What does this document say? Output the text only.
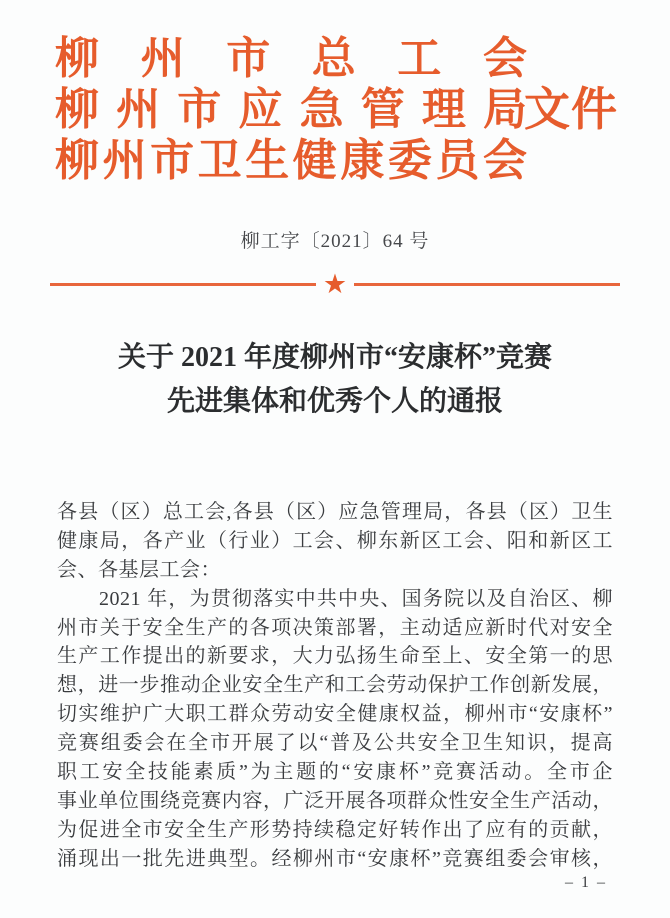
柳州市总工会
柳州市应急管理局
柳州市卫生健康委员会
文件
柳工字〔2021〕64 号
★
关于 2021 年度柳州市“安康杯”竞赛
先进集体和优秀个人的通报
各县（区）总工会,各县（区）应急管理局，各县（区）卫生
健康局，各产业（行业）工会、柳东新区工会、阳和新区工
会、各基层工会：
2021 年，为贯彻落实中共中央、国务院以及自治区、柳
州市关于安全生产的各项决策部署，主动适应新时代对安全
生产工作提出的新要求，大力弘扬生命至上、安全第一的思
想，进一步推动企业安全生产和工会劳动保护工作创新发展，
切实维护广大职工群众劳动安全健康权益，柳州市“安康杯”
竞赛组委会在全市开展了以“普及公共安全卫生知识，提高
职工安全技能素质”为主题的“安康杯”竞赛活动。全市企
事业单位围绕竞赛内容，广泛开展各项群众性安全生产活动，
为促进全市安全生产形势持续稳定好转作出了应有的贡献，
涌现出一批先进典型。经柳州市“安康杯”竞赛组委会审核，
– 1 –
